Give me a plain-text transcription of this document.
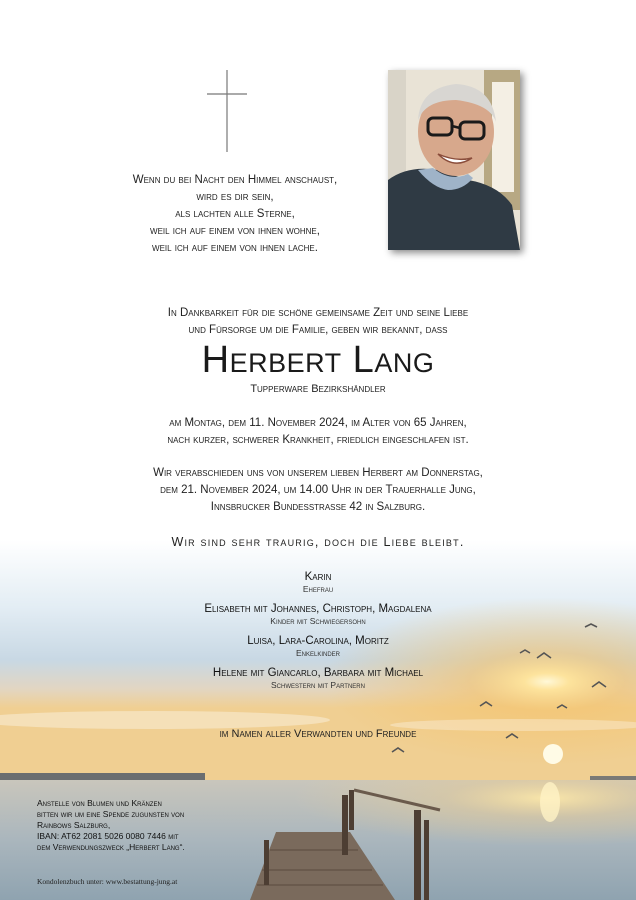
Wenn du bei Nacht den Himmel anschaust,
wird es dir sein,
als lachten alle Sterne,
weil ich auf einem von ihnen wohne,
weil ich auf einem von ihnen lache.
In Dankbarkeit für die schöne gemeinsame Zeit und seine Liebe
und Fürsorge um die Familie, geben wir bekannt, dass
Herbert Lang
Tupperware Bezirkshändler
am Montag, dem 11. November 2024, im Alter von 65 Jahren,
nach kurzer, schwerer Krankheit, friedlich eingeschlafen ist.
Wir verabschieden uns von unserem lieben Herbert am Donnerstag,
dem 21. November 2024, um 14.00 Uhr in der Trauerhalle Jung,
Innsbrucker Bundesstrasse 42 in Salzburg.
Wir sind sehr traurig, doch die Liebe bleibt.
Karin
Ehefrau
Elisabeth mit Johannes, Christoph, Magdalena
Kinder mit Schwiegersohn
Luisa, Lara-Carolina, Moritz
Enkelkinder
Helene mit Giancarlo, Barbara mit Michael
Schwestern mit Partnern
im Namen aller Verwandten und Freunde
Anstelle von Blumen und Kränzen
bitten wir um eine Spende zugunsten von
Rainbows Salzburg,
IBAN: AT62 2081 5026 0080 7446 mit
dem Verwendungszweck „Herbert Lang“.
Kondolenzbuch unter: www.bestattung-jung.at
